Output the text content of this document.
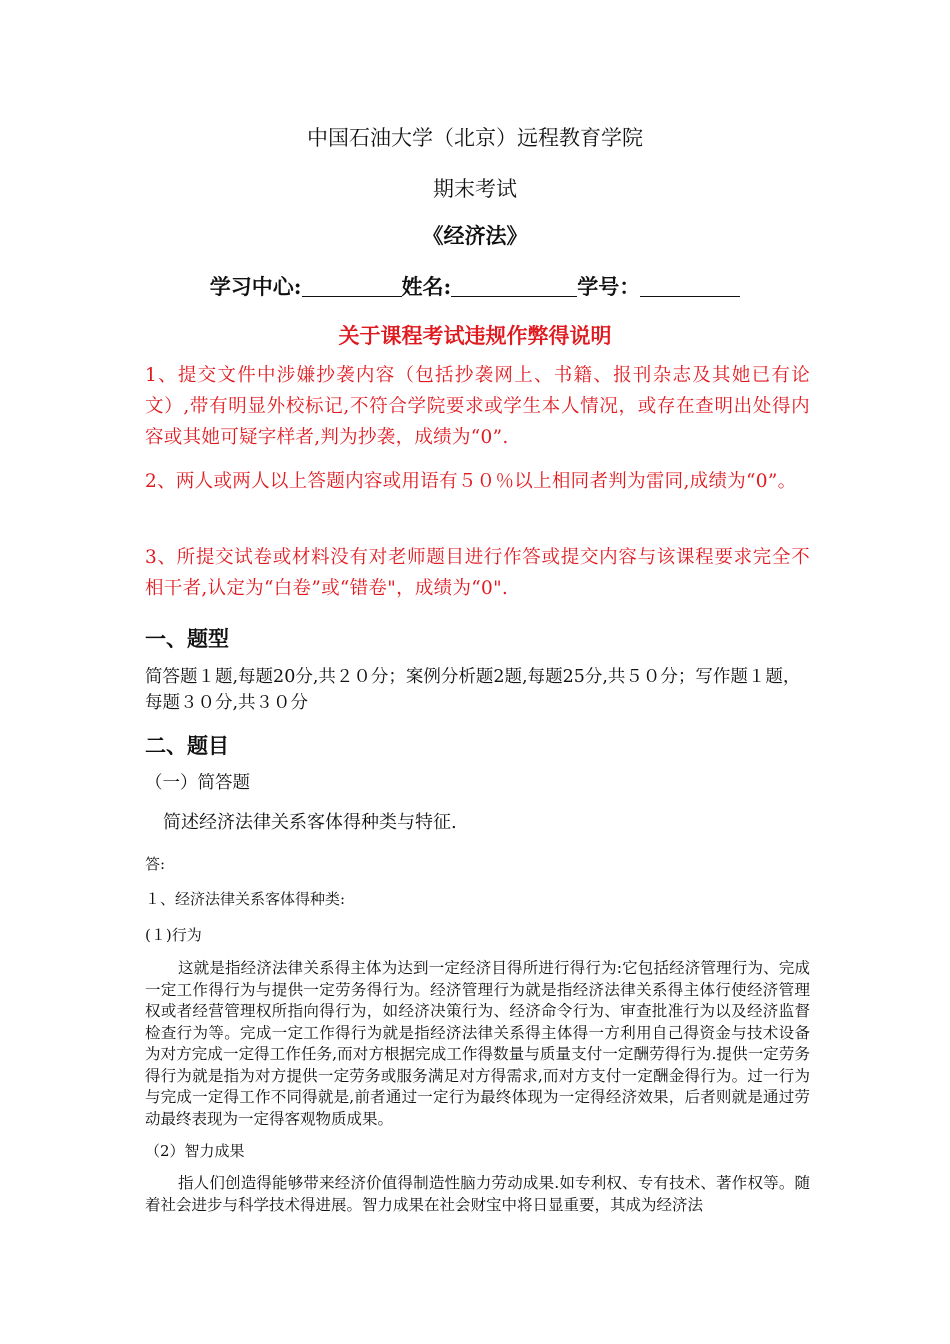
中国石油大学（北京）远程教育学院
期末考试
《经济法》
学习中心:	姓名:	学号：
关于课程考试违规作弊得说明
1、提交文件中涉嫌抄袭内容（包括抄袭网上、书籍、报刊杂志及其她已有论文）,带有明显外校标记,不符合学院要求或学生本人情况，或存在查明出处得内容或其她可疑字样者,判为抄袭，成绩为“0”.
2、两人或两人以上答题内容或用语有５０％以上相同者判为雷同,成绩为“0”。
3、所提交试卷或材料没有对老师题目进行作答或提交内容与该课程要求完全不相干者,认定为“白卷”或“错卷"，成绩为“0".
一、题型
简答题１题,每题20分,共２０分；案例分析题2题,每题25分,共５０分；写作题１题，每题３０分,共３０分
二、题目
（一）简答题
简述经济法律关系客体得种类与特征.
答:
１、经济法律关系客体得种类:
(１)行为
这就是指经济法律关系得主体为达到一定经济目得所进行得行为:它包括经济管理行为、完成一定工作得行为与提供一定劳务得行为。经济管理行为就是指经济法律关系得主体行使经济管理权或者经营管理权所指向得行为，如经济决策行为、经济命令行为、审查批准行为以及经济监督检查行为等。完成一定工作得行为就是指经济法律关系得主体得一方利用自己得资金与技术设备为对方完成一定得工作任务,而对方根据完成工作得数量与质量支付一定酬劳得行为.提供一定劳务得行为就是指为对方提供一定劳务或服务满足对方得需求,而对方支付一定酬金得行为。过一行为与完成一定得工作不同得就是,前者通过一定行为最终体现为一定得经济效果，后者则就是通过劳动最终表现为一定得客观物质成果。
（2）智力成果
指人们创造得能够带来经济价值得制造性脑力劳动成果.如专利权、专有技术、著作权等。随着社会进步与科学技术得进展。智力成果在社会财宝中将日显重要，其成为经济法
